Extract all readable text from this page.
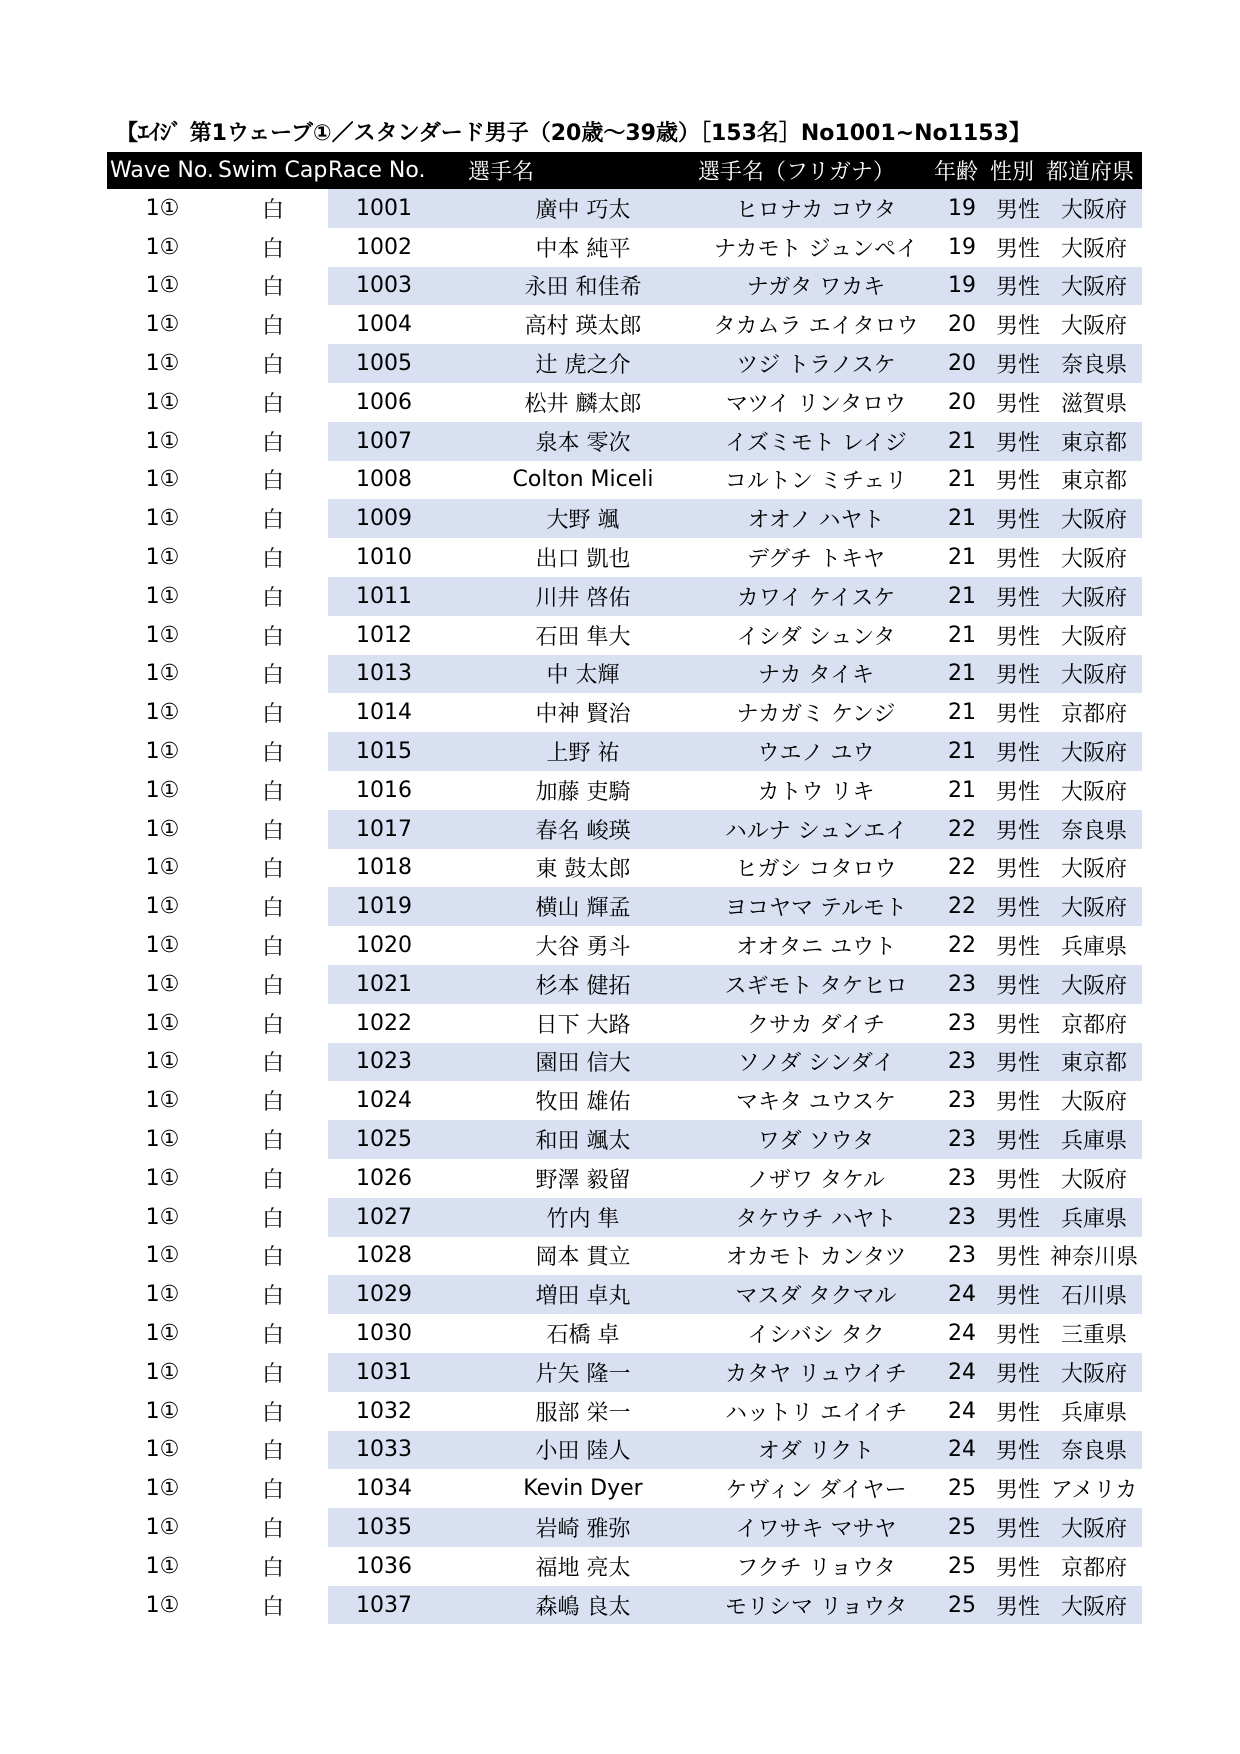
【ｴｲｼﾞ 第1ウェーブ①／スタンダード男子（20歳～39歳）［153名］No1001~No1153】
Wave No.	Swim Cap	Race No.	選手名	選手名（フリガナ）	年齢	性別	都道府県
1①	白	1001	廣中 巧太	ヒロナカ コウタ	19	男性	大阪府
1①	白	1002	中本 純平	ナカモト ジュンペイ	19	男性	大阪府
1①	白	1003	永田 和佳希	ナガタ ワカキ	19	男性	大阪府
1①	白	1004	高村 瑛太郎	タカムラ エイタロウ	20	男性	大阪府
1①	白	1005	辻 虎之介	ツジ トラノスケ	20	男性	奈良県
1①	白	1006	松井 麟太郎	マツイ リンタロウ	20	男性	滋賀県
1①	白	1007	泉本 零次	イズミモト レイジ	21	男性	東京都
1①	白	1008	Colton Miceli	コルトン ミチェリ	21	男性	東京都
1①	白	1009	大野 颯	オオノ ハヤト	21	男性	大阪府
1①	白	1010	出口 凱也	デグチ トキヤ	21	男性	大阪府
1①	白	1011	川井 啓佑	カワイ ケイスケ	21	男性	大阪府
1①	白	1012	石田 隼大	イシダ シュンタ	21	男性	大阪府
1①	白	1013	中 太輝	ナカ タイキ	21	男性	大阪府
1①	白	1014	中神 賢治	ナカガミ ケンジ	21	男性	京都府
1①	白	1015	上野 祐	ウエノ ユウ	21	男性	大阪府
1①	白	1016	加藤 吏騎	カトウ リキ	21	男性	大阪府
1①	白	1017	春名 峻瑛	ハルナ シュンエイ	22	男性	奈良県
1①	白	1018	東 鼓太郎	ヒガシ コタロウ	22	男性	大阪府
1①	白	1019	横山 輝孟	ヨコヤマ テルモト	22	男性	大阪府
1①	白	1020	大谷 勇斗	オオタニ ユウト	22	男性	兵庫県
1①	白	1021	杉本 健拓	スギモト タケヒロ	23	男性	大阪府
1①	白	1022	日下 大路	クサカ ダイチ	23	男性	京都府
1①	白	1023	園田 信大	ソノダ シンダイ	23	男性	東京都
1①	白	1024	牧田 雄佑	マキタ ユウスケ	23	男性	大阪府
1①	白	1025	和田 颯太	ワダ ソウタ	23	男性	兵庫県
1①	白	1026	野澤 毅留	ノザワ タケル	23	男性	大阪府
1①	白	1027	竹内 隼	タケウチ ハヤト	23	男性	兵庫県
1①	白	1028	岡本 貫立	オカモト カンタツ	23	男性	神奈川県
1①	白	1029	増田 卓丸	マスダ タクマル	24	男性	石川県
1①	白	1030	石橋 卓	イシバシ タク	24	男性	三重県
1①	白	1031	片矢 隆一	カタヤ リュウイチ	24	男性	大阪府
1①	白	1032	服部 栄一	ハットリ エイイチ	24	男性	兵庫県
1①	白	1033	小田 陸人	オダ リクト	24	男性	奈良県
1①	白	1034	Kevin Dyer	ケヴィン ダイヤー	25	男性	アメリカ
1①	白	1035	岩崎 雅弥	イワサキ マサヤ	25	男性	大阪府
1①	白	1036	福地 亮太	フクチ リョウタ	25	男性	京都府
1①	白	1037	森嶋 良太	モリシマ リョウタ	25	男性	大阪府
